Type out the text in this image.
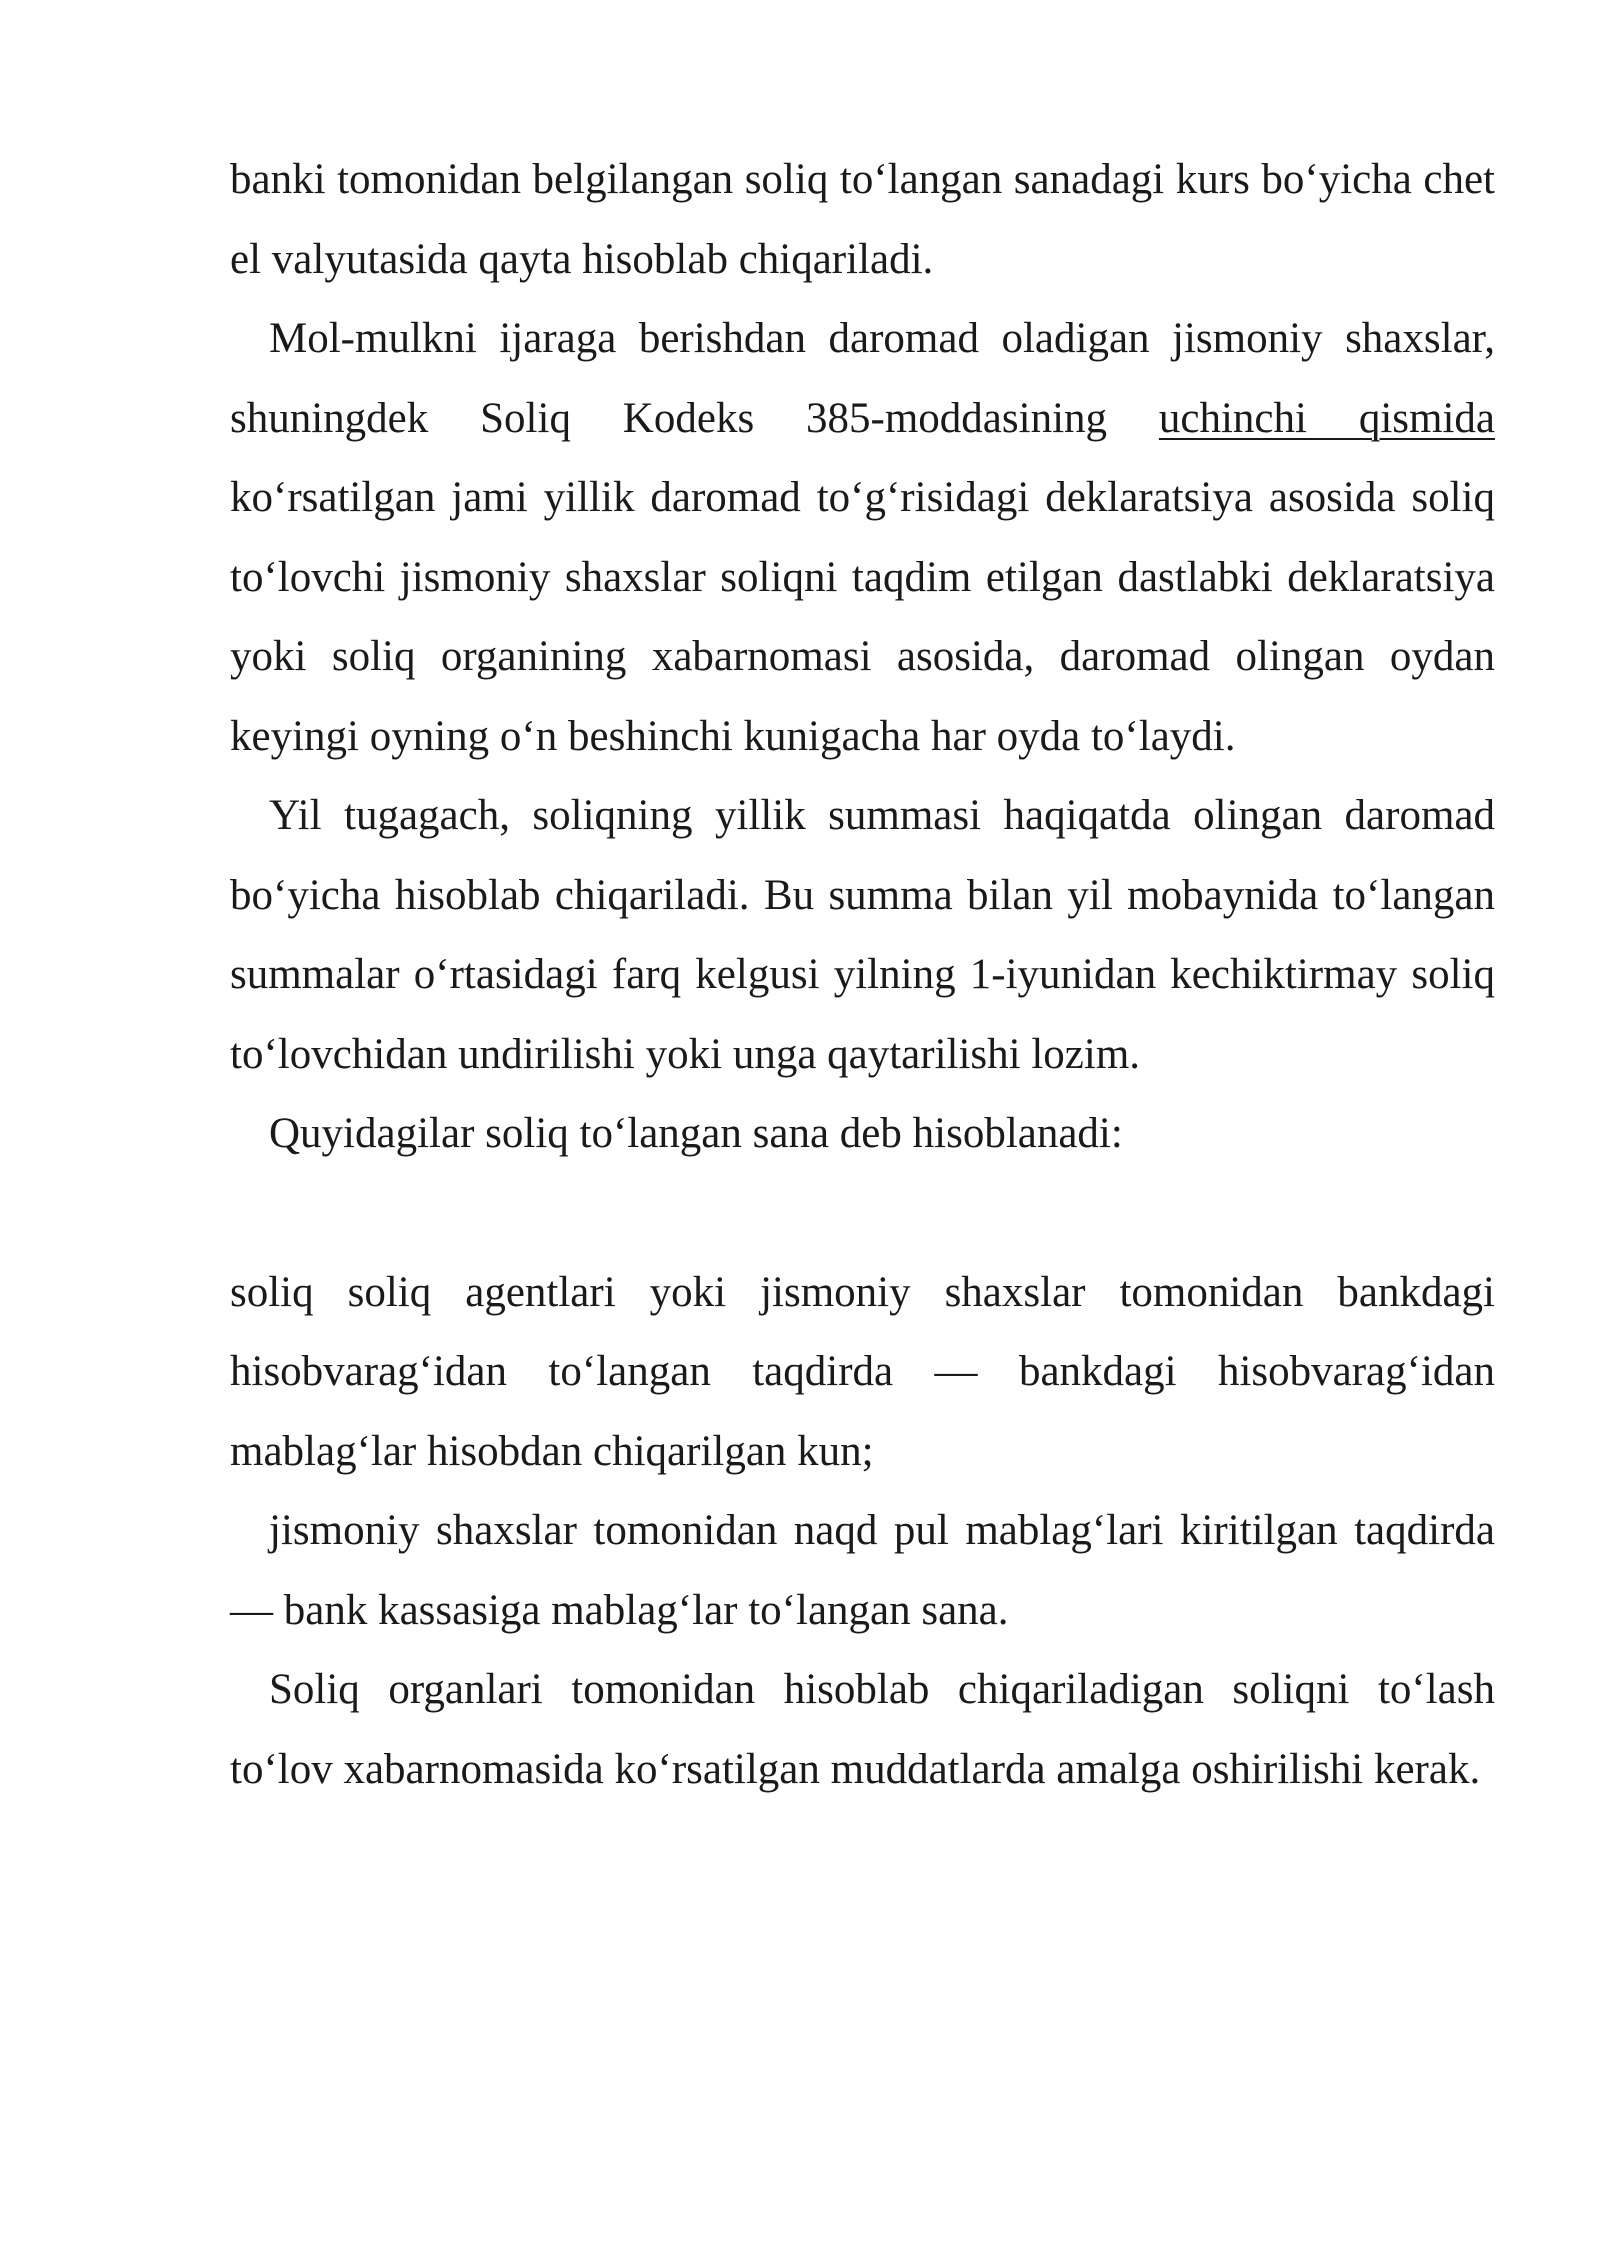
banki tomonidan belgilangan soliq to‘langan sanadagi kurs bo‘yicha chet el valyutasida qayta hisoblab chiqariladi.

Mol-mulkni ijaraga berishdan daromad oladigan jismoniy shaxslar, shuningdek Soliq Kodeks 385-moddasining uchinchi qismida ko‘rsatilgan jami yillik daromad to‘g‘risidagi deklaratsiya asosida soliq to‘lovchi jismoniy shaxslar soliqni taqdim etilgan dastlabki deklaratsiya yoki soliq organining xabarnomasi asosida, daromad olingan oydan keyingi oyning o‘n beshinchi kunigacha har oyda to‘laydi.

Yil tugagach, soliqning yillik summasi haqiqatda olingan daromad bo‘yicha hisoblab chiqariladi. Bu summa bilan yil mobaynida to‘langan summalar o‘rtasidagi farq kelgusi yilning 1-iyunidan kechiktirmay soliq to‘lovchidan undirilishi yoki unga qaytarilishi lozim.

Quyidagilar soliq to‘langan sana deb hisoblanadi:

soliq soliq agentlari yoki jismoniy shaxslar tomonidan bankdagi hisobvarag‘idan to‘langan taqdirda — bankdagi hisobvarag‘idan mablag‘lar hisobdan chiqarilgan kun;

jismoniy shaxslar tomonidan naqd pul mablag‘lari kiritilgan taqdirda — bank kassasiga mablag‘lar to‘langan sana.

Soliq organlari tomonidan hisoblab chiqariladigan soliqni to‘lash to‘lov xabarnomasida ko‘rsatilgan muddatlarda amalga oshirilishi kerak.
